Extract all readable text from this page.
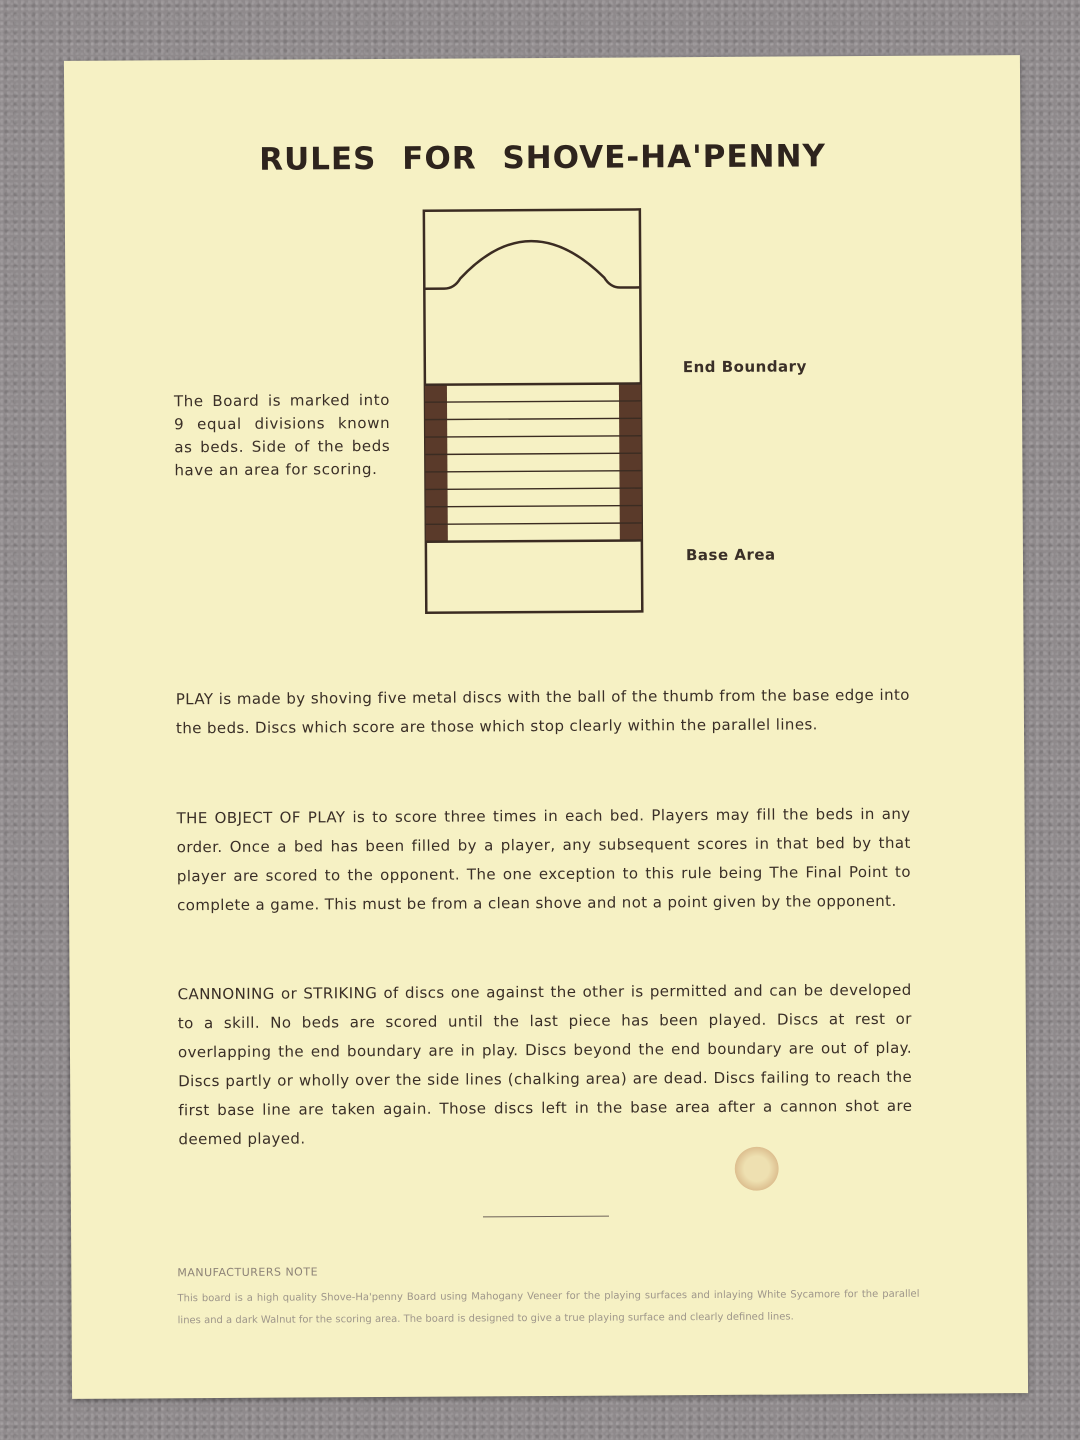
RULES FOR SHOVE-HA'PENNY

The Board is marked into 9 equal divisions known as beds. Side of the beds have an area for scoring.

End Boundary
Base Area

PLAY is made by shoving five metal discs with the ball of the thumb from the base edge into the beds. Discs which score are those which stop clearly within the parallel lines.

THE OBJECT OF PLAY is to score three times in each bed. Players may fill the beds in any order. Once a bed has been filled by a player, any subsequent scores in that bed by that player are scored to the opponent. The one exception to this rule being The Final Point to complete a game. This must be from a clean shove and not a point given by the opponent.

CANNONING or STRIKING of discs one against the other is permitted and can be developed to a skill. No beds are scored until the last piece has been played. Discs at rest or overlapping the end boundary are in play. Discs beyond the end boundary are out of play. Discs partly or wholly over the side lines (chalking area) are dead. Discs failing to reach the first base line are taken again. Those discs left in the base area after a cannon shot are deemed played.

MANUFACTURERS NOTE

This board is a high quality Shove-Ha'penny Board using Mahogany Veneer for the playing surfaces and inlaying White Sycamore for the parallel lines and a dark Walnut for the scoring area. The board is designed to give a true playing surface and clearly defined lines.
